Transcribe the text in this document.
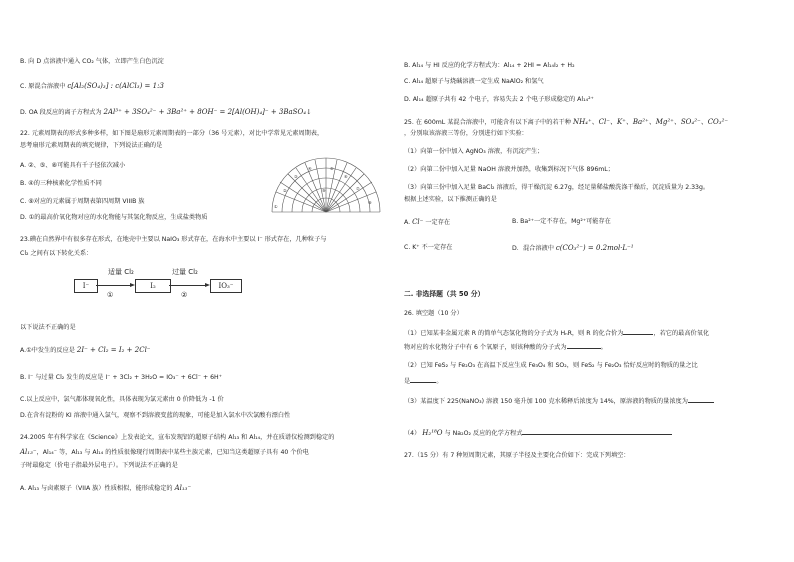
B. 向 D 点溶液中通入 CO₂ 气体，立即产生白色沉淀
C. 原混合溶液中 c[Al₂(SO₄)₃] : c(AlCl₃) = 1:3
D. OA 段反应的离子方程式为 2Al³⁺ + 3SO₄²⁻ + 3Ba²⁺ + 8OH⁻ = 2[Al(OH)₄]⁻ + 3BaSO₄↓
22. 元素周期表的形式多种多样，如下图是扇形元素周期表的一部分（36 号元素），对比中学常见元素周期表，
思考扇形元素周期表的填充规律，下列说法正确的是
A. ②、⑤、⑧可能具有千子径依次减小
B. ④的三种核素化学性质不同
C. ⑨对应的元素属于周期表第四周期 VIIIB 族
D. ①的最高价氧化物对应的水化物能与其氢化物反应，生成盐类物质
①
②
③
④	⑤
⑥
⑦
⑧
⑨
23.碘在自然界中有很多存在形式，在地壳中主要以 NaIO₃ 形式存在，在海水中主要以 I⁻ 形式存在，几种粒子与
Cl₂ 之间有以下转化关系：
I⁻
适量 Cl₂
①
I₂
过量 Cl₂
②
IO₃⁻
以下说法不正确的是
A.①中发生的反应是 2I⁻ + Cl₂ = I₂ + 2Cl⁻
B. I⁻ 与过量 Cl₂ 发生的反应是 I⁻ + 3Cl₂ + 3H₂O = IO₃⁻ + 6Cl⁻ + 6H⁺
C.以上反应中，氯气都体现氧化性，具体表现为氯元素由 0 价降低为 -1 价
D.在含有淀粉的 KI 溶液中通入氯气，观察不到溶液变蓝的现象，可能是加入氯水中次氯酸有漂白性
24.2005 年有科学家在《Science》上发表论文，宣布发现铝的超原子结构 Al₁₃ 和 Al₁₄，并在质谱仪检测到稳定的
Al₁₃⁻，Al₁₄⁻ 等，Al₁₃ 与 Al₁₄ 的性质很像现行周期表中某些主族元素，已知当这类超原子具有 40 个价电
子时最稳定（价电子指最外层电子）。下列说法不正确的是
A. Al₁₃ 与卤素原子（VIIA 族）性质相似，能形成稳定的 Al₁₃⁻
B. Al₁₄ 与 HI 反应的化学方程式为：Al₁₄ + 2HI = Al₁₄I₂ + H₂
C. Al₁₄ 超原子与烧碱溶液一定生成 NaAlO₂ 和氢气
D. Al₁₄ 超原子共有 42 个电子，容易失去 2 个电子形成稳定的 Al₁₄²⁺
25. 在 600mL 某混合溶液中，可能含有以下离子中的若干种 NH₄⁺、Cl⁻、K⁺、Ba²⁺、Mg²⁺、SO₄²⁻、CO₃²⁻
，分别取该溶液三等份，分别进行如下实验：
（1）向第一份中加入 AgNO₃ 溶液，有沉淀产生；
（2）向第二份中加入足量 NaOH 溶液并加热，收集到标况下气体 896mL；
（3）向第三份中加入足量 BaCl₂ 溶液后，得干燥沉淀 6.27g，经足量稀盐酸洗涤干燥后，沉淀质量为 2.33g。
根据上述实验，以下推测正确的是
A. Cl⁻ 一定存在	B. Ba²⁺一定不存在，Mg²⁺可能存在
C. K⁺ 不一定存在	D．混合溶液中 c(CO₃²⁻) = 0.2mol·L⁻¹
二. 非选择题（共 50 分）
26. 填空题（10 分）
（1）已知某非金属元素 R 的简单气态氢化物的分子式为 HₙR，则 R 的化合价为	，若它的最高价氧化
物对应的水化物分子中有 6 个氧原子，则该种酸的分子式为	。
（2）已知 FeS₂ 与 Fe₂O₃ 在高温下反应生成 Fe₃O₄ 和 SO₂，则 FeS₂ 与 Fe₂O₃ 恰好反应时的物质的量之比
是	。
（3）某温度下 225(NaNO₃) 溶液 150 毫升加 100 克水稀释后浓度为 14%，原溶液的物质的量浓度为
（4） H₂¹⁸O 与 Na₂O₂ 反应的化学方程式
27.（15 分）有 7 种短周期元素，其原子半径及主要化合价如下：完成下列填空：
